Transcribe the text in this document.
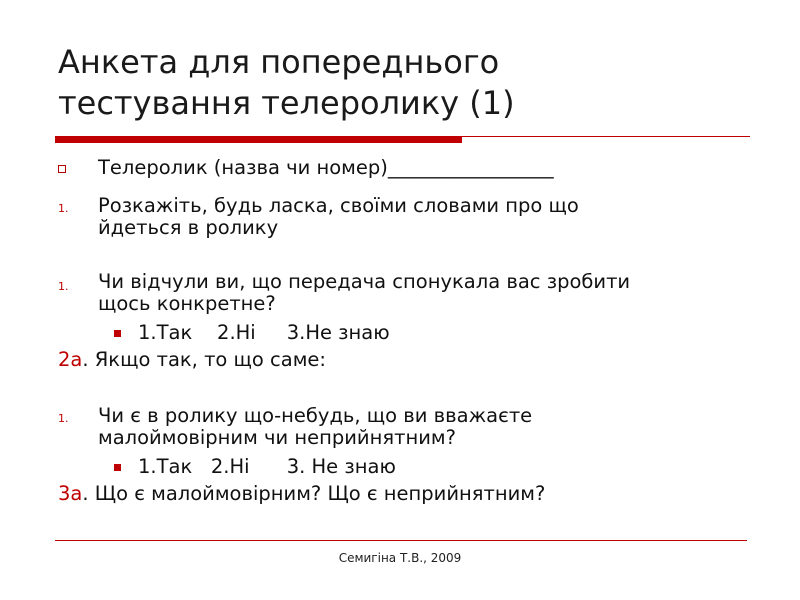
Анкета для попереднього
тестування телеролику (1)
Телеролик (назва чи номер)_________________
1. Розкажіть, будь ласка, своїми словами про що
йдеться в ролику
1. Чи відчули ви, що передача спонукала вас зробити
щось конкретне?
1.Так    2.Ні     3.Не знаю
2а. Якщо так, то що саме:
1. Чи є в ролику що-небудь, що ви вважаєте
малоймовірним чи неприйнятним?
1.Так   2.Ні      3. Не знаю
3а. Що є малоймовірним? Що є неприйнятним?
Семигіна Т.В., 2009
